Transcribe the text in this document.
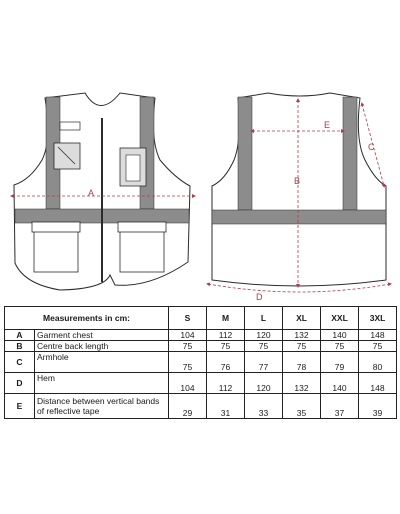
A
B
E
C
D
Measurements in cm:		S	M	L	XL	XXL	3XL
A	Garment chest	104	112	120	132	140	148
B	Centre back length	75	75	75	75	75	75
C	Armhole	75	76	77	78	79	80
D	Hem	104	112	120	132	140	148
E	Distance between vertical bands
of reflective tape	29	31	33	35	37	39
